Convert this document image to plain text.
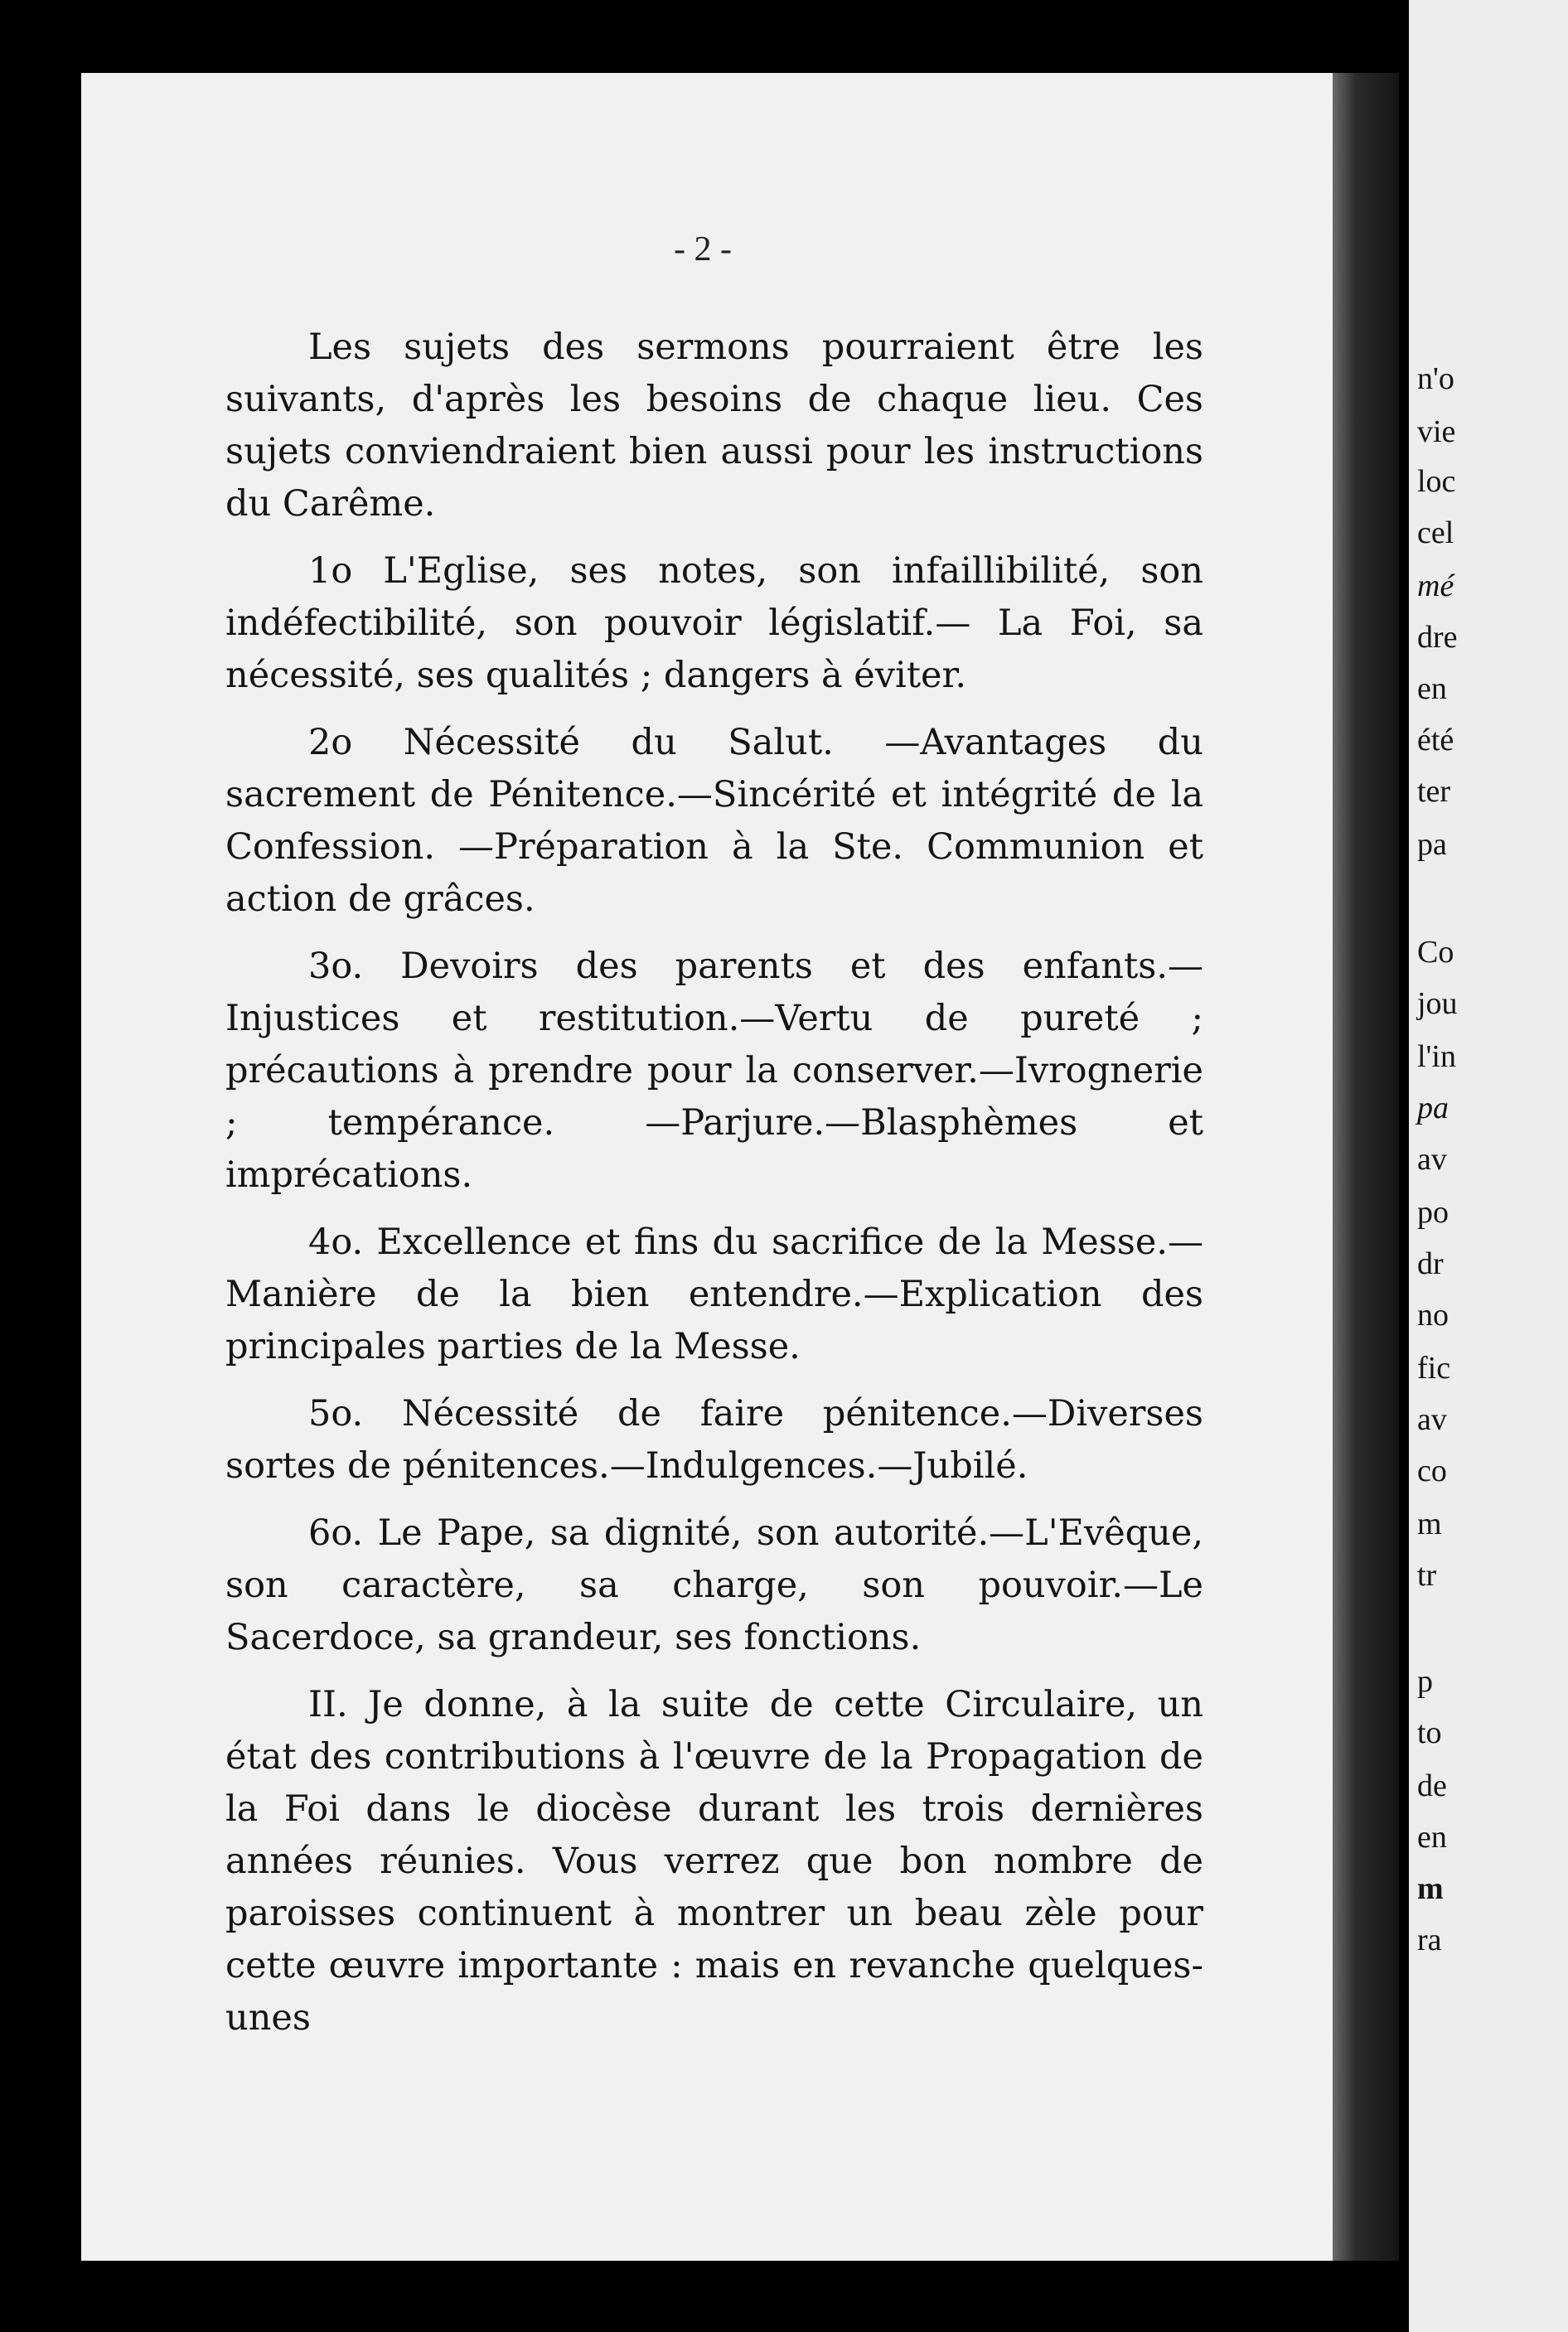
n'o
vie
loc
cel
mé
dre
en
été
ter
pa
Co
jou
l'in
pa
av
po
dr
no
fic
av
co
m
tr
p
to
de
en
m
ra
- 2 -

Les sujets des sermons pourraient être les suivants, d'après les besoins de chaque lieu. Ces sujets conviendraient bien aussi pour les instructions du Carême.

1o L'Eglise, ses notes, son infaillibilité, son indéfectibilité, son pouvoir législatif.— La Foi, sa nécessité, ses qualités ; dangers à éviter.

2o Nécessité du Salut. —Avantages du sacrement de Pénitence.—Sincérité et intégrité de la Confession. —Préparation à la Ste. Communion et action de grâces.

3o. Devoirs des parents et des enfants.—Injustices et restitution.—Vertu de pureté ; précautions à prendre pour la conserver.—Ivrognerie ; tempérance. —Parjure.—Blasphèmes et imprécations.

4o. Excellence et fins du sacrifice de la Messe.— Manière de la bien entendre.—Explication des principales parties de la Messe.

5o. Nécessité de faire pénitence.—Diverses sortes de pénitences.—Indulgences.—Jubilé.

6o. Le Pape, sa dignité, son autorité.—L'Evêque, son caractère, sa charge, son pouvoir.—Le Sacerdoce, sa grandeur, ses fonctions.

II. Je donne, à la suite de cette Circulaire, un état des contributions à l'œuvre de la Propagation de la Foi dans le diocèse durant les trois dernières années réunies. Vous verrez que bon nombre de paroisses continuent à montrer un beau zèle pour cette œuvre importante : mais en revanche quelques-unes
